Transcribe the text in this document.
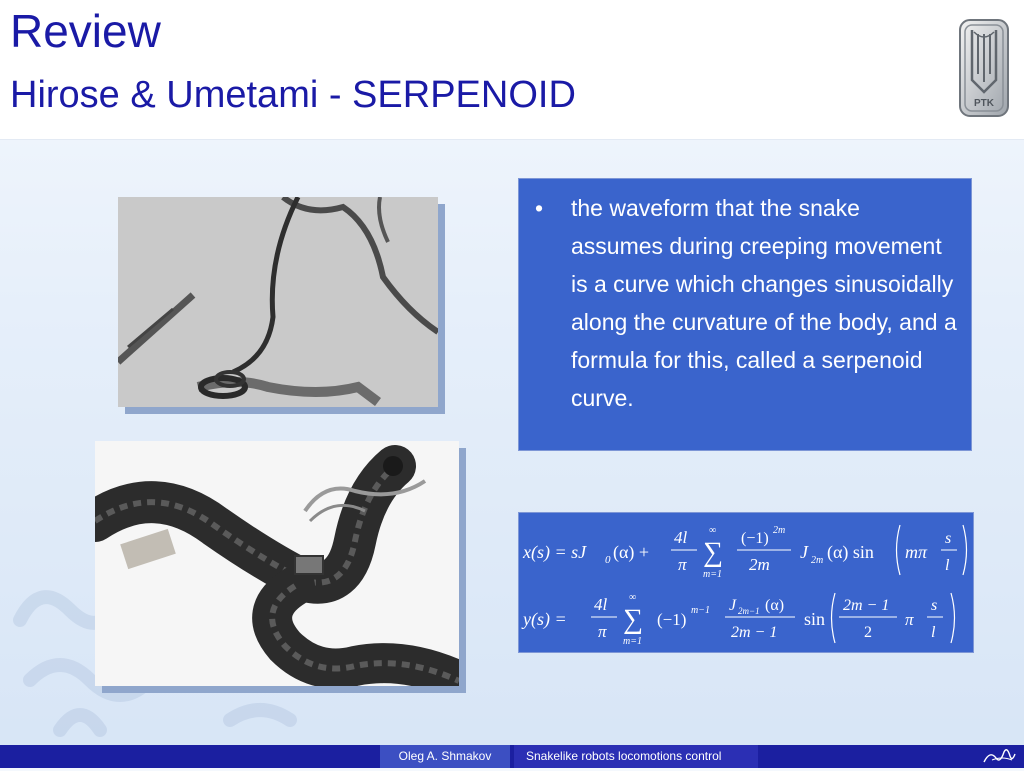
Review
Hirose & Umetami - SERPENOID	PTK
•	the waveform that the snake assumes during creeping movement is a curve which changes sinusoidally along the curvature of the body, and a formula for this, called a serpenoid curve.
x(s) = sJ 0 (α) +
4l
π ∑
∞
m=1
(−1) 2m
2m
J 2m (α) sin mπ
s
l
y(s) =
4l
π ∑
∞
m=1
(−1) m−1 J 2m−1 (α)
2m − 1
sin
2m − 1
2
π
s
l
Oleg A. Shmakov	Snakelike robots locomotions control
